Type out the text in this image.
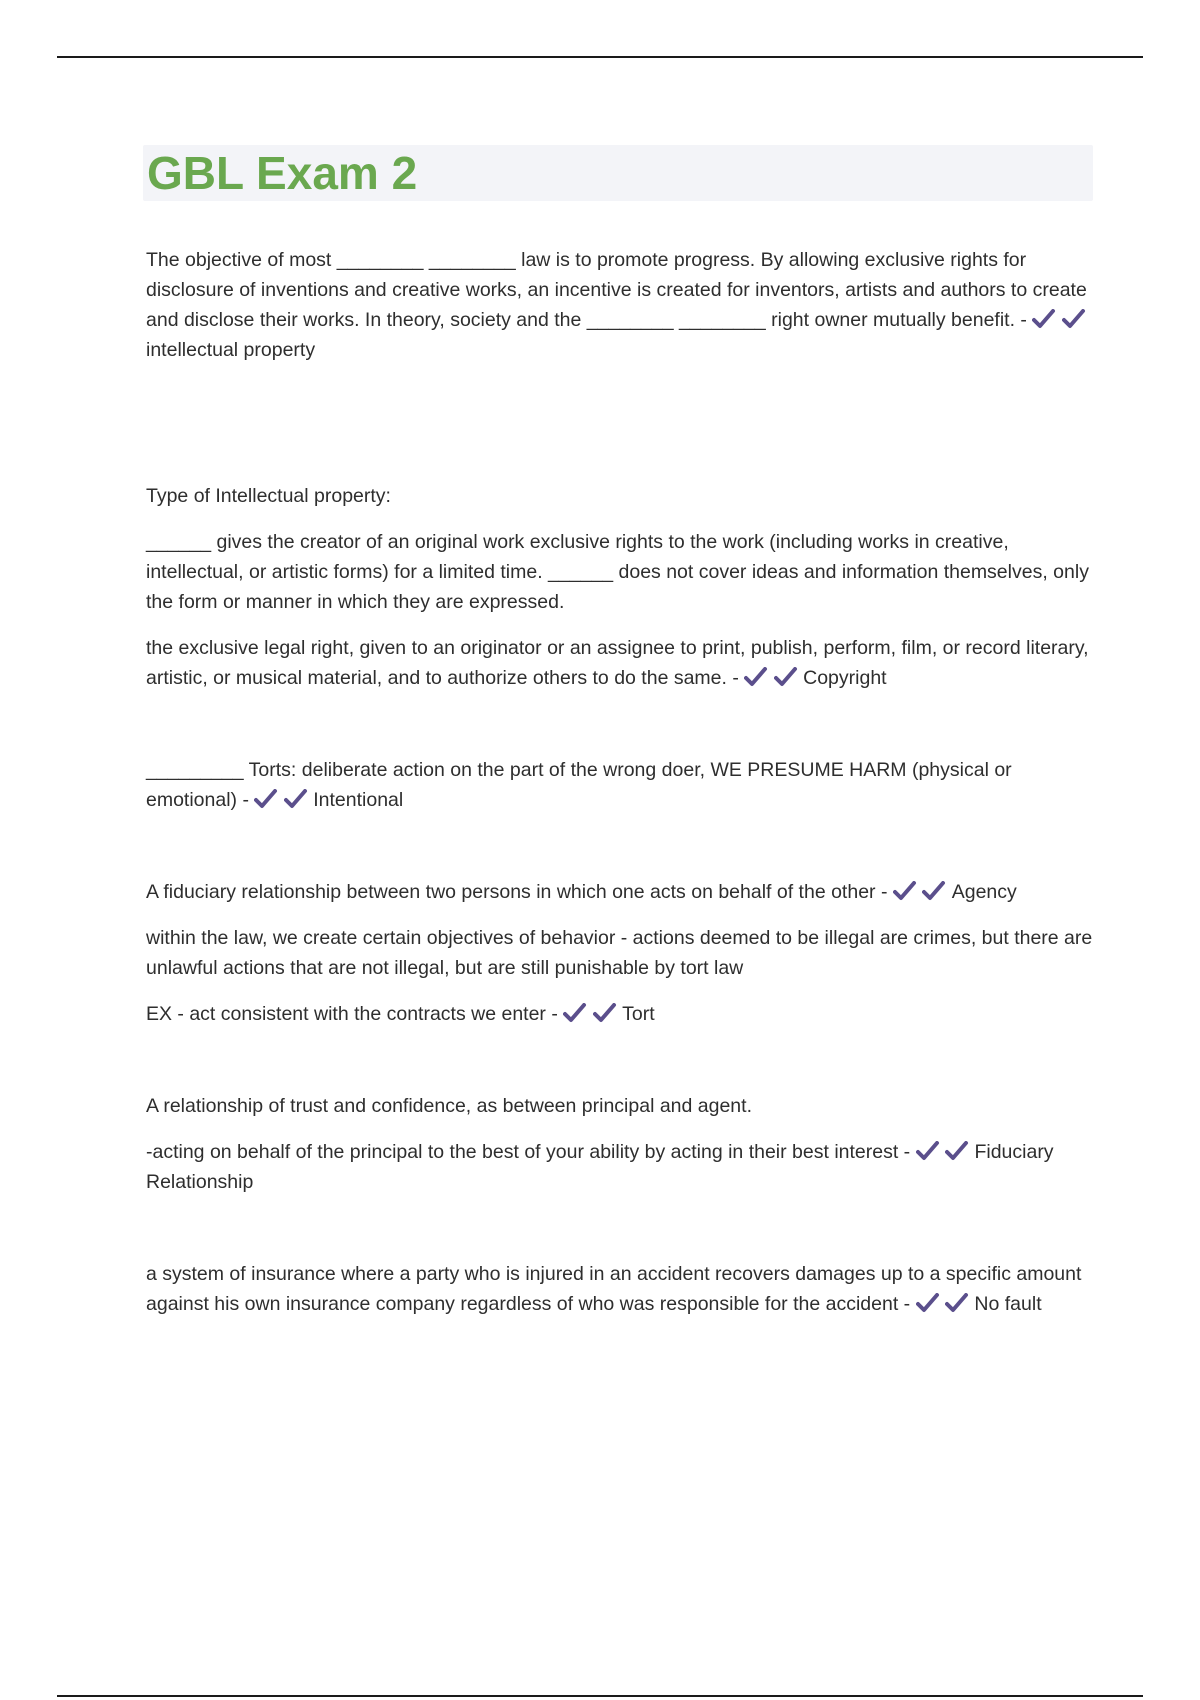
GBL Exam 2

The objective of most ________ ________ law is to promote progress. By allowing exclusive rights for disclosure of inventions and creative works, an incentive is created for inventors, artists and authors to create and disclose their works. In theory, society and the ________ ________ right owner mutually benefit. -

intellectual property

Type of Intellectual property:

______ gives the creator of an original work exclusive rights to the work (including works in creative, intellectual, or artistic forms) for a limited time. ______ does not cover ideas and information themselves, only the form or manner in which they are expressed.

the exclusive legal right, given to an originator or an assignee to print, publish, perform, film, or record literary, artistic, or musical material, and to authorize others to do the same. -
	Copyright

_________ Torts: deliberate action on the part of the wrong doer, WE PRESUME HARM (physical or emotional) -
	Intentional

A fiduciary relationship between two persons in which one acts on behalf of the other -
	Agency

within the law, we create certain objectives of behavior - actions deemed to be illegal are crimes, but there are unlawful actions that are not illegal, but are still punishable by tort law

EX - act consistent with the contracts we enter -
	Tort

A relationship of trust and confidence, as between principal and agent.

-acting on behalf of the principal to the best of your ability by acting in their best interest -
	Fiduciary Relationship

a system of insurance where a party who is injured in an accident recovers damages up to a specific amount against his own insurance company regardless of who was responsible for the accident -
	No fault
